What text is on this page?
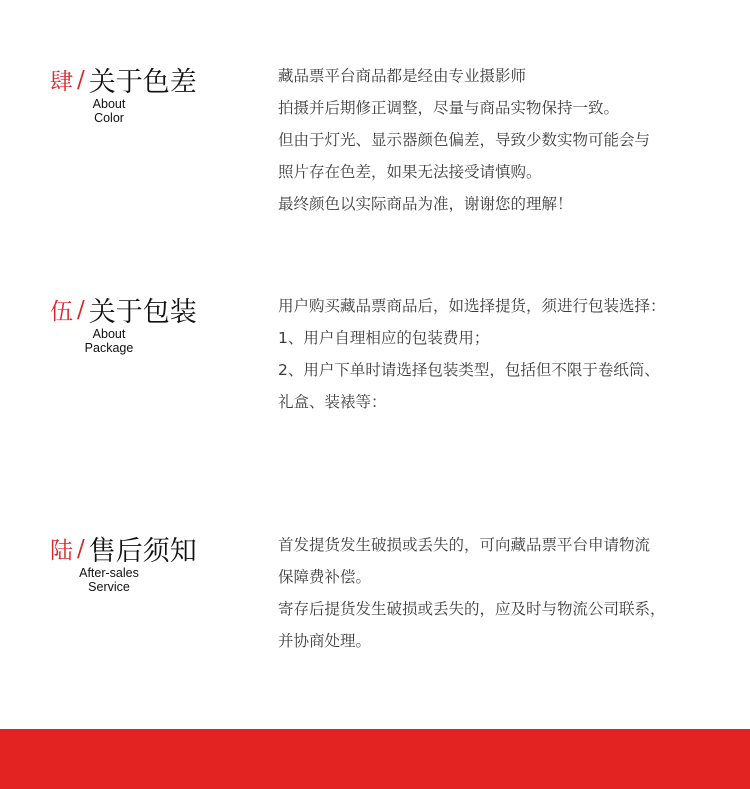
肆 / 关于色差
About
Color
藏品票平台商品都是经由专业摄影师
拍摄并后期修正调整，尽量与商品实物保持一致。
但由于灯光、显示器颜色偏差，导致少数实物可能会与
照片存在色差，如果无法接受请慎购。
最终颜色以实际商品为准，谢谢您的理解！
伍 / 关于包装
About
Package
用户购买藏品票商品后，如选择提货，须进行包装选择：
1、用户自理相应的包装费用；
2、用户下单时请选择包装类型，包括但不限于卷纸筒、
礼盒、装裱等：
陆 / 售后须知
After-sales
Service
首发提货发生破损或丢失的，可向藏品票平台申请物流
保障费补偿。
寄存后提货发生破损或丢失的，应及时与物流公司联系，
并协商处理。
